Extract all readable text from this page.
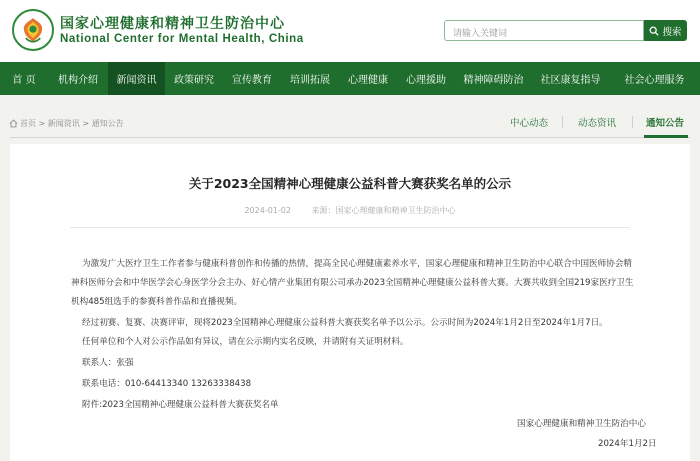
国家心理健康和精神卫生防治中心
National Center for Mental Health, China
请输入关键词
搜索
首 页	机构介绍	新闻资讯	政策研究	宣传教育	培训拓展	心理健康	心理援助	精神障碍防治	社区康复指导	社会心理服务
首页 > 新闻资讯 > 通知公告	中心动态	动态资讯	通知公告
关于2023全国精神心理健康公益科普大赛获奖名单的公示
2024-01-02	来源：国家心理健康和精神卫生防治中心

为激发广大医疗卫生工作者参与健康科普创作和传播的热情，提高全民心理健康素养水平，国家心理健康和精神卫生防治中心联合中国医师协会精神科医师分会和中华医学会心身医学分会主办、好心情产业集团有限公司承办2023全国精神心理健康公益科普大赛。大赛共收到全国219家医疗卫生机构485组选手的参赛科普作品和直播视频。

经过初赛、复赛、决赛评审，现将2023全国精神心理健康公益科普大赛获奖名单予以公示。公示时间为2024年1月2日至2024年1月7日。

任何单位和个人对公示作品如有异议，请在公示期内实名反映，并请附有关证明材料。

联系人：张强

联系电话：010-64413340 13263338438

附件:2023全国精神心理健康公益科普大赛获奖名单

国家心理健康和精神卫生防治中心
2024年1月2日
